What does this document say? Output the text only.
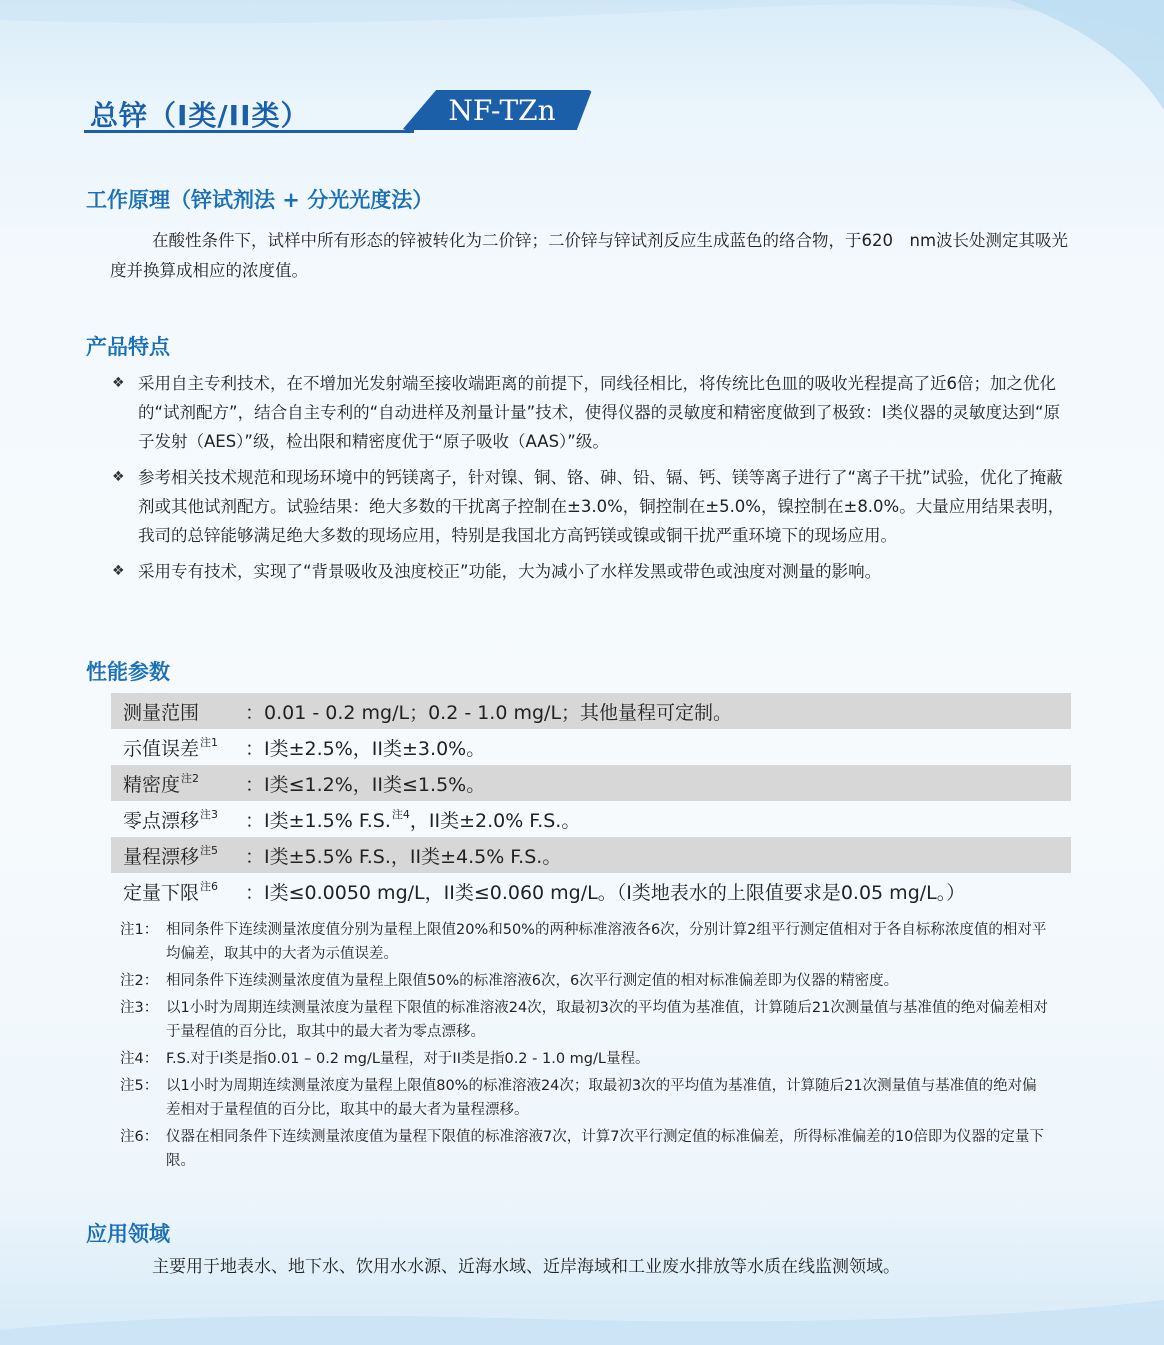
总锌（I类/II类）	NF-TZn
工作原理（锌试剂法 + 分光光度法）

在酸性条件下，试样中所有形态的锌被转化为二价锌；二价锌与锌试剂反应生成蓝色的络合物，于620　nm波长处测定其吸光度并换算成相应的浓度值。

产品特点
❖ 采用自主专利技术，在不增加光发射端至接收端距离的前提下，同线径相比，将传统比色皿的吸收光程提高了近6倍；加之优化的“试剂配方”，结合自主专利的“自动进样及剂量计量”技术，使得仪器的灵敏度和精密度做到了极致：I类仪器的灵敏度达到“原子发射（AES）”级，检出限和精密度优于“原子吸收（AAS）”级。
❖ 参考相关技术规范和现场环境中的钙镁离子，针对镍、铜、铬、砷、铅、镉、钙、镁等离子进行了“离子干扰”试验，优化了掩蔽剂或其他试剂配方。试验结果：绝大多数的干扰离子控制在±3.0%，铜控制在±5.0%，镍控制在±8.0%。大量应用结果表明，我司的总锌能够满足绝大多数的现场应用，特别是我国北方高钙镁或镍或铜干扰严重环境下的现场应用。
❖ 采用专有技术，实现了“背景吸收及浊度校正”功能，大为减小了水样发黑或带色或浊度对测量的影响。
性能参数
测量范围	： 0.01 - 0.2 mg/L；0.2 - 1.0 mg/L；其他量程可定制。
示值误差$^{注1}$	： I类±2.5%，II类±3.0%。
精密度$^{注2}$	： I类≤1.2%，II类≤1.5%。
零点漂移$^{注3}$	： I类±1.5% F.S.$^{注4}$，II类±2.0% F.S.。
量程漂移$^{注5}$	： I类±5.5% F.S.，II类±4.5% F.S.。
定量下限$^{注6}$	： I类≤0.0050 mg/L，II类≤0.060 mg/L。（I类地表水的上限值要求是0.05 mg/L。）
注1： 相同条件下连续测量浓度值分别为量程上限值20%和50%的两种标准溶液各6次，分别计算2组平行测定值相对于各自标称浓度值的相对平均偏差，取其中的大者为示值误差。
注2： 相同条件下连续测量浓度值为量程上限值50%的标准溶液6次，6次平行测定值的相对标准偏差即为仪器的精密度。
注3： 以1小时为周期连续测量浓度为量程下限值的标准溶液24次，取最初3次的平均值为基准值，计算随后21次测量值与基准值的绝对偏差相对于量程值的百分比，取其中的最大者为零点漂移。
注4： F.S.对于I类是指0.01 – 0.2 mg/L量程，对于II类是指0.2 - 1.0 mg/L量程。
注5： 以1小时为周期连续测量浓度为量程上限值80%的标准溶液24次；取最初3次的平均值为基准值，计算随后21次测量值与基准值的绝对偏差相对于量程值的百分比，取其中的最大者为量程漂移。
注6： 仪器在相同条件下连续测量浓度值为量程下限值的标准溶液7次，计算7次平行测定值的标准偏差，所得标准偏差的10倍即为仪器的定量下限。
应用领域
主要用于地表水、地下水、饮用水水源、近海水域、近岸海域和工业废水排放等水质在线监测领域。
